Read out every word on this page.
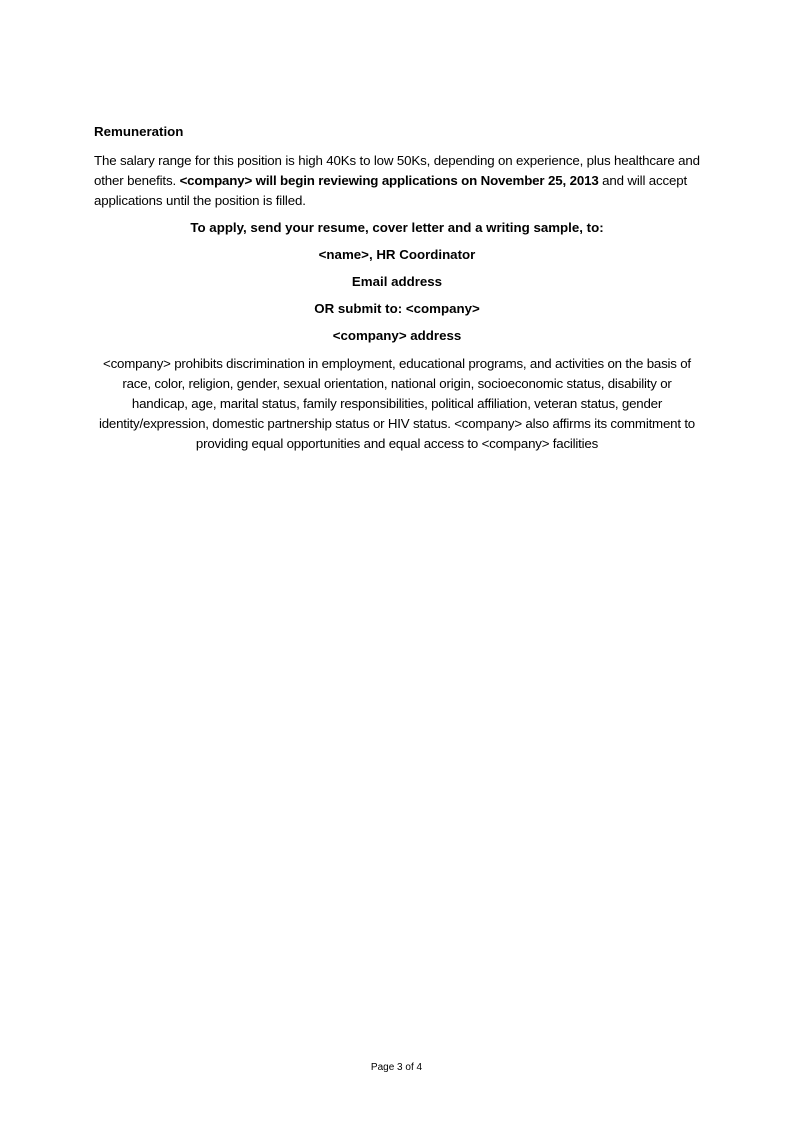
Remuneration
The salary range for this position is high 40Ks to low 50Ks, depending on experience, plus healthcare and other benefits. <company> will begin reviewing applications on November 25, 2013 and will accept applications until the position is filled.
To apply, send your resume, cover letter and a writing sample, to:
<name>, HR Coordinator
Email address
OR submit to: <company>
<company> address
<company> prohibits discrimination in employment, educational programs, and activities on the basis of race, color, religion, gender, sexual orientation, national origin, socioeconomic status, disability or handicap, age, marital status, family responsibilities, political affiliation, veteran status, gender identity/expression, domestic partnership status or HIV status. <company> also affirms its commitment to providing equal opportunities and equal access to <company> facilities
Page 3 of 4
